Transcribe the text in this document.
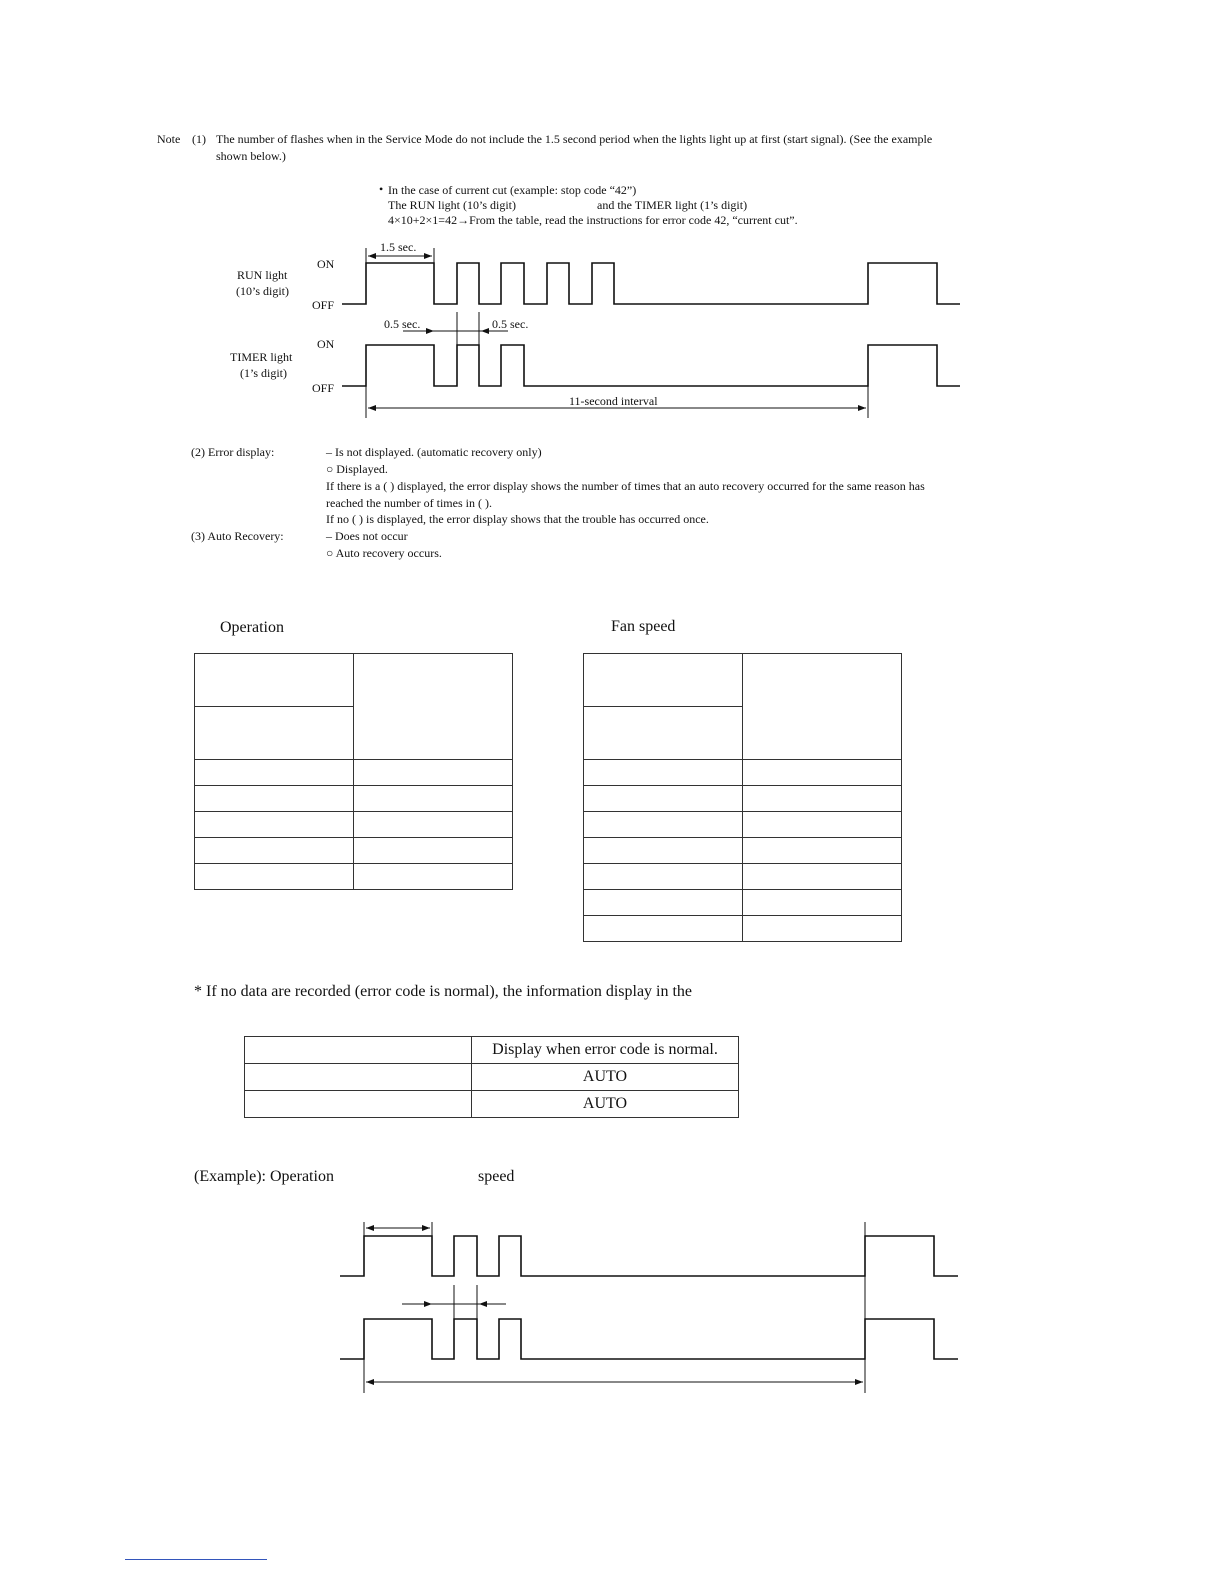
Note (1) The number of flashes when in the Service Mode do not include the 1.5 second period when the lights light up at first (start signal). (See the example
shown below.)
• In the case of current cut (example: stop code “42”)
The RUN light (10’s digit)	and the TIMER light (1’s digit)
4×10+2×1=42→From the table, read the instructions for error code 42, “current cut”.
RUN light
(10’s digit)
TIMER light
(1’s digit)
ON
OFF
ON
OFF
1.5 sec.
0.5 sec.	0.5 sec.
11-second interval
(2) Error display:	– Is not displayed. (automatic recovery only)
○ Displayed.
If there is a ( ) displayed, the error display shows the number of times that an auto recovery occurred for the same reason has
reached the number of times in ( ).
If no ( ) is displayed, the error display shows that the trouble has occurred once.
(3) Auto Recovery:	– Does not occur
○ Auto recovery occurs.
Operation	Fan speed

* If no data are recorded (error code is normal), the information display in the
	Display when error code is normal.
	AUTO
	AUTO
(Example): Operation	speed
